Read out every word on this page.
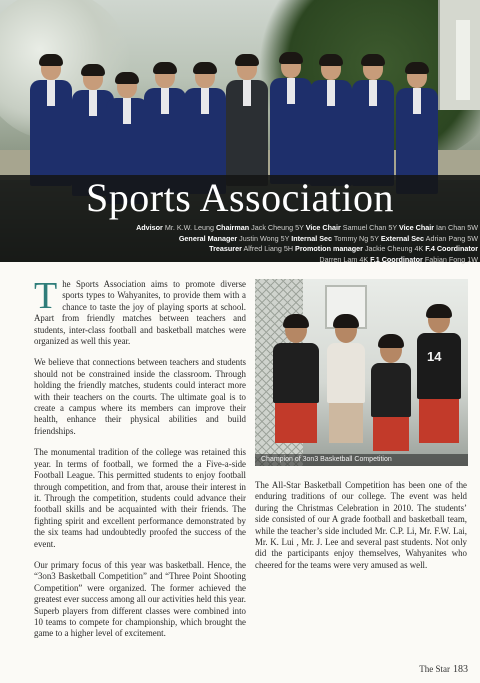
Sports Association
Advisor Mr. K.W. Leung Chairman Jack Cheung 5Y Vice Chair Samuel Chan 5Y Vice Chair Ian Chan 5W
General Manager Justin Wong 5Y Internal Sec Tommy Ng 5Y External Sec Adrian Pang 5W
Treasurer Alfred Liang 5H Promotion manager Jackie Cheung 4K F.4 Coordinator
Darren Lam 4K F.1 Coordinator Fabian Fong 1W

The Sports Association aims to promote diverse sports types to Wahyanites, to provide them with a chance to taste the joy of playing sports at school. Apart from friendly matches between teachers and students, inter-class football and basketball matches were organized as well this year.

We believe that connections between teachers and students should not be constrained inside the classroom. Through holding the friendly matches, students could interact more with their teachers on the courts. The ultimate goal is to create a campus where its members can improve their health, enhance their physical abilities and build friendships.

The monumental tradition of the college was retained this year. In terms of football, we formed the a Five-a-side Football League. This permitted students to enjoy football through competition, and from that, arouse their interest in it. Through the competition, students could advance their football skills and be acquainted with their friends. The fighting spirit and excellent performance demonstrated by the six teams had undoubtedly proofed the success of the event.

Our primary focus of this year was basketball. Hence, the “3on3 Basketball Competition” and “Three Point Shooting Competition” were organized. The former achieved the greatest ever success among all our activities held this year. Superb players from different classes were combined into 10 teams to compete for championship, which brought the game to a higher level of excitement.

14
Champion of 3on3 Basketball Competition

The All-Star Basketball Competition has been one of the enduring traditions of our college. The event was held during the Christmas Celebration in 2010. The students’ side consisted of our A grade football and basketball team, while the teacher’s side included Mr. C.P. Li, Mr. F.W. Lai, Mr. K. Lui , Mr. J. Lee and several past students. Not only did the participants enjoy themselves, Wahyanites who cheered for the teams were very amused as well.

The Star 183
